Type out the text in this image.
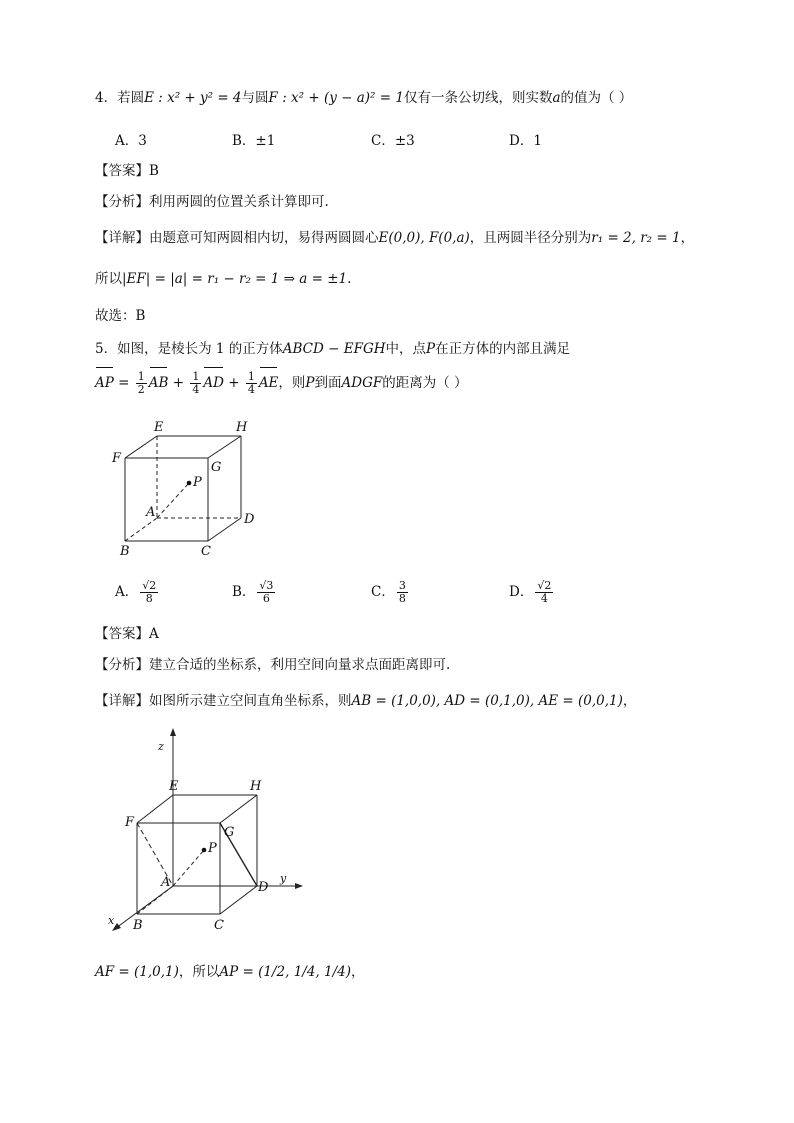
4．若圆E : x² + y² = 4与圆F : x² + (y − a)² = 1仅有一条公切线，则实数a的值为（ ）
A．3	B．±1	C．±3	D．1
【答案】B
【分析】利用两圆的位置关系计算即可.
【详解】由题意可知两圆相内切，易得两圆圆心E(0,0), F(0,a)，且两圆半径分别为r₁ = 2, r₂ = 1，
所以|EF| = |a| = r₁ − r₂ = 1 ⇒ a = ±1.
故选：B
5．如图，是棱长为 1 的正方体ABCD − EFGH中，点P在正方体的内部且满足
AP = $\frac{1}{2}$ AB + $\frac{1}{4}$ AD + $\frac{1}{4}$ AE，则P到面ADGF的距离为（ ）
E	H
F
G
P
A	D
B	C
A． $\frac{√2}{8}$	B． $\frac{√3}{6}$	C． $\frac{3}{8}$	D． $\frac{√2}{4}$
【答案】A
【分析】建立合适的坐标系，利用空间向量求点面距离即可.
【详解】如图所示建立空间直角坐标系，则AB = (1,0,0), AD = (0,1,0), AE = (0,0,1)，
z
y
x
E	H
F
G
P
A	D
B	C
AF = (1,0,1)，所以AP = (1/2, 1/4, 1/4)，
